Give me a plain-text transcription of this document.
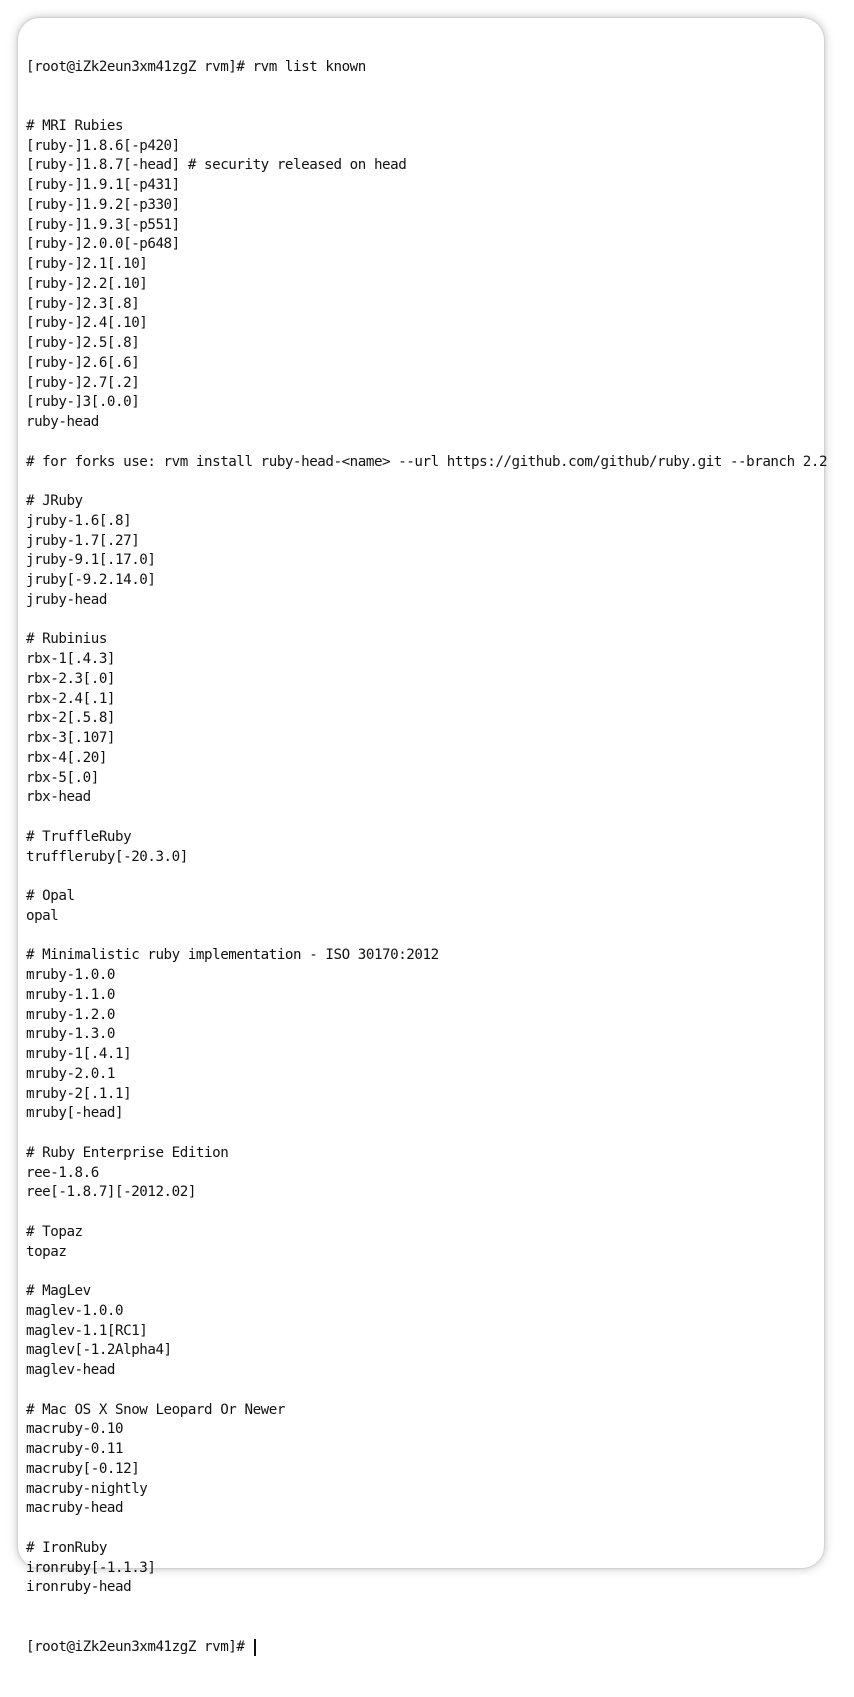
[root@iZk2eun3xm41zgZ rvm]# rvm list known

# MRI Rubies
[ruby-]1.8.6[-p420]
[ruby-]1.8.7[-head] # security released on head
[ruby-]1.9.1[-p431]
[ruby-]1.9.2[-p330]
[ruby-]1.9.3[-p551]
[ruby-]2.0.0[-p648]
[ruby-]2.1[.10]
[ruby-]2.2[.10]
[ruby-]2.3[.8]
[ruby-]2.4[.10]
[ruby-]2.5[.8]
[ruby-]2.6[.6]
[ruby-]2.7[.2]
[ruby-]3[.0.0]
ruby-head
# for forks use: rvm install ruby-head-<name> --url https://github.com/github/ruby.git --branch 2.2
# JRuby
jruby-1.6[.8]
jruby-1.7[.27]
jruby-9.1[.17.0]
jruby[-9.2.14.0]
jruby-head
# Rubinius
rbx-1[.4.3]
rbx-2.3[.0]
rbx-2.4[.1]
rbx-2[.5.8]
rbx-3[.107]
rbx-4[.20]
rbx-5[.0]
rbx-head
# TruffleRuby
truffleruby[-20.3.0]
# Opal
opal
# Minimalistic ruby implementation - ISO 30170:2012
mruby-1.0.0
mruby-1.1.0
mruby-1.2.0
mruby-1.3.0
mruby-1[.4.1]
mruby-2.0.1
mruby-2[.1.1]
mruby[-head]
# Ruby Enterprise Edition
ree-1.8.6
ree[-1.8.7][-2012.02]
# Topaz
topaz
# MagLev
maglev-1.0.0
maglev-1.1[RC1]
maglev[-1.2Alpha4]
maglev-head
# Mac OS X Snow Leopard Or Newer
macruby-0.10
macruby-0.11
macruby[-0.12]
macruby-nightly
macruby-head
# IronRuby
ironruby[-1.1.3]
ironruby-head

[root@iZk2eun3xm41zgZ rvm]#
